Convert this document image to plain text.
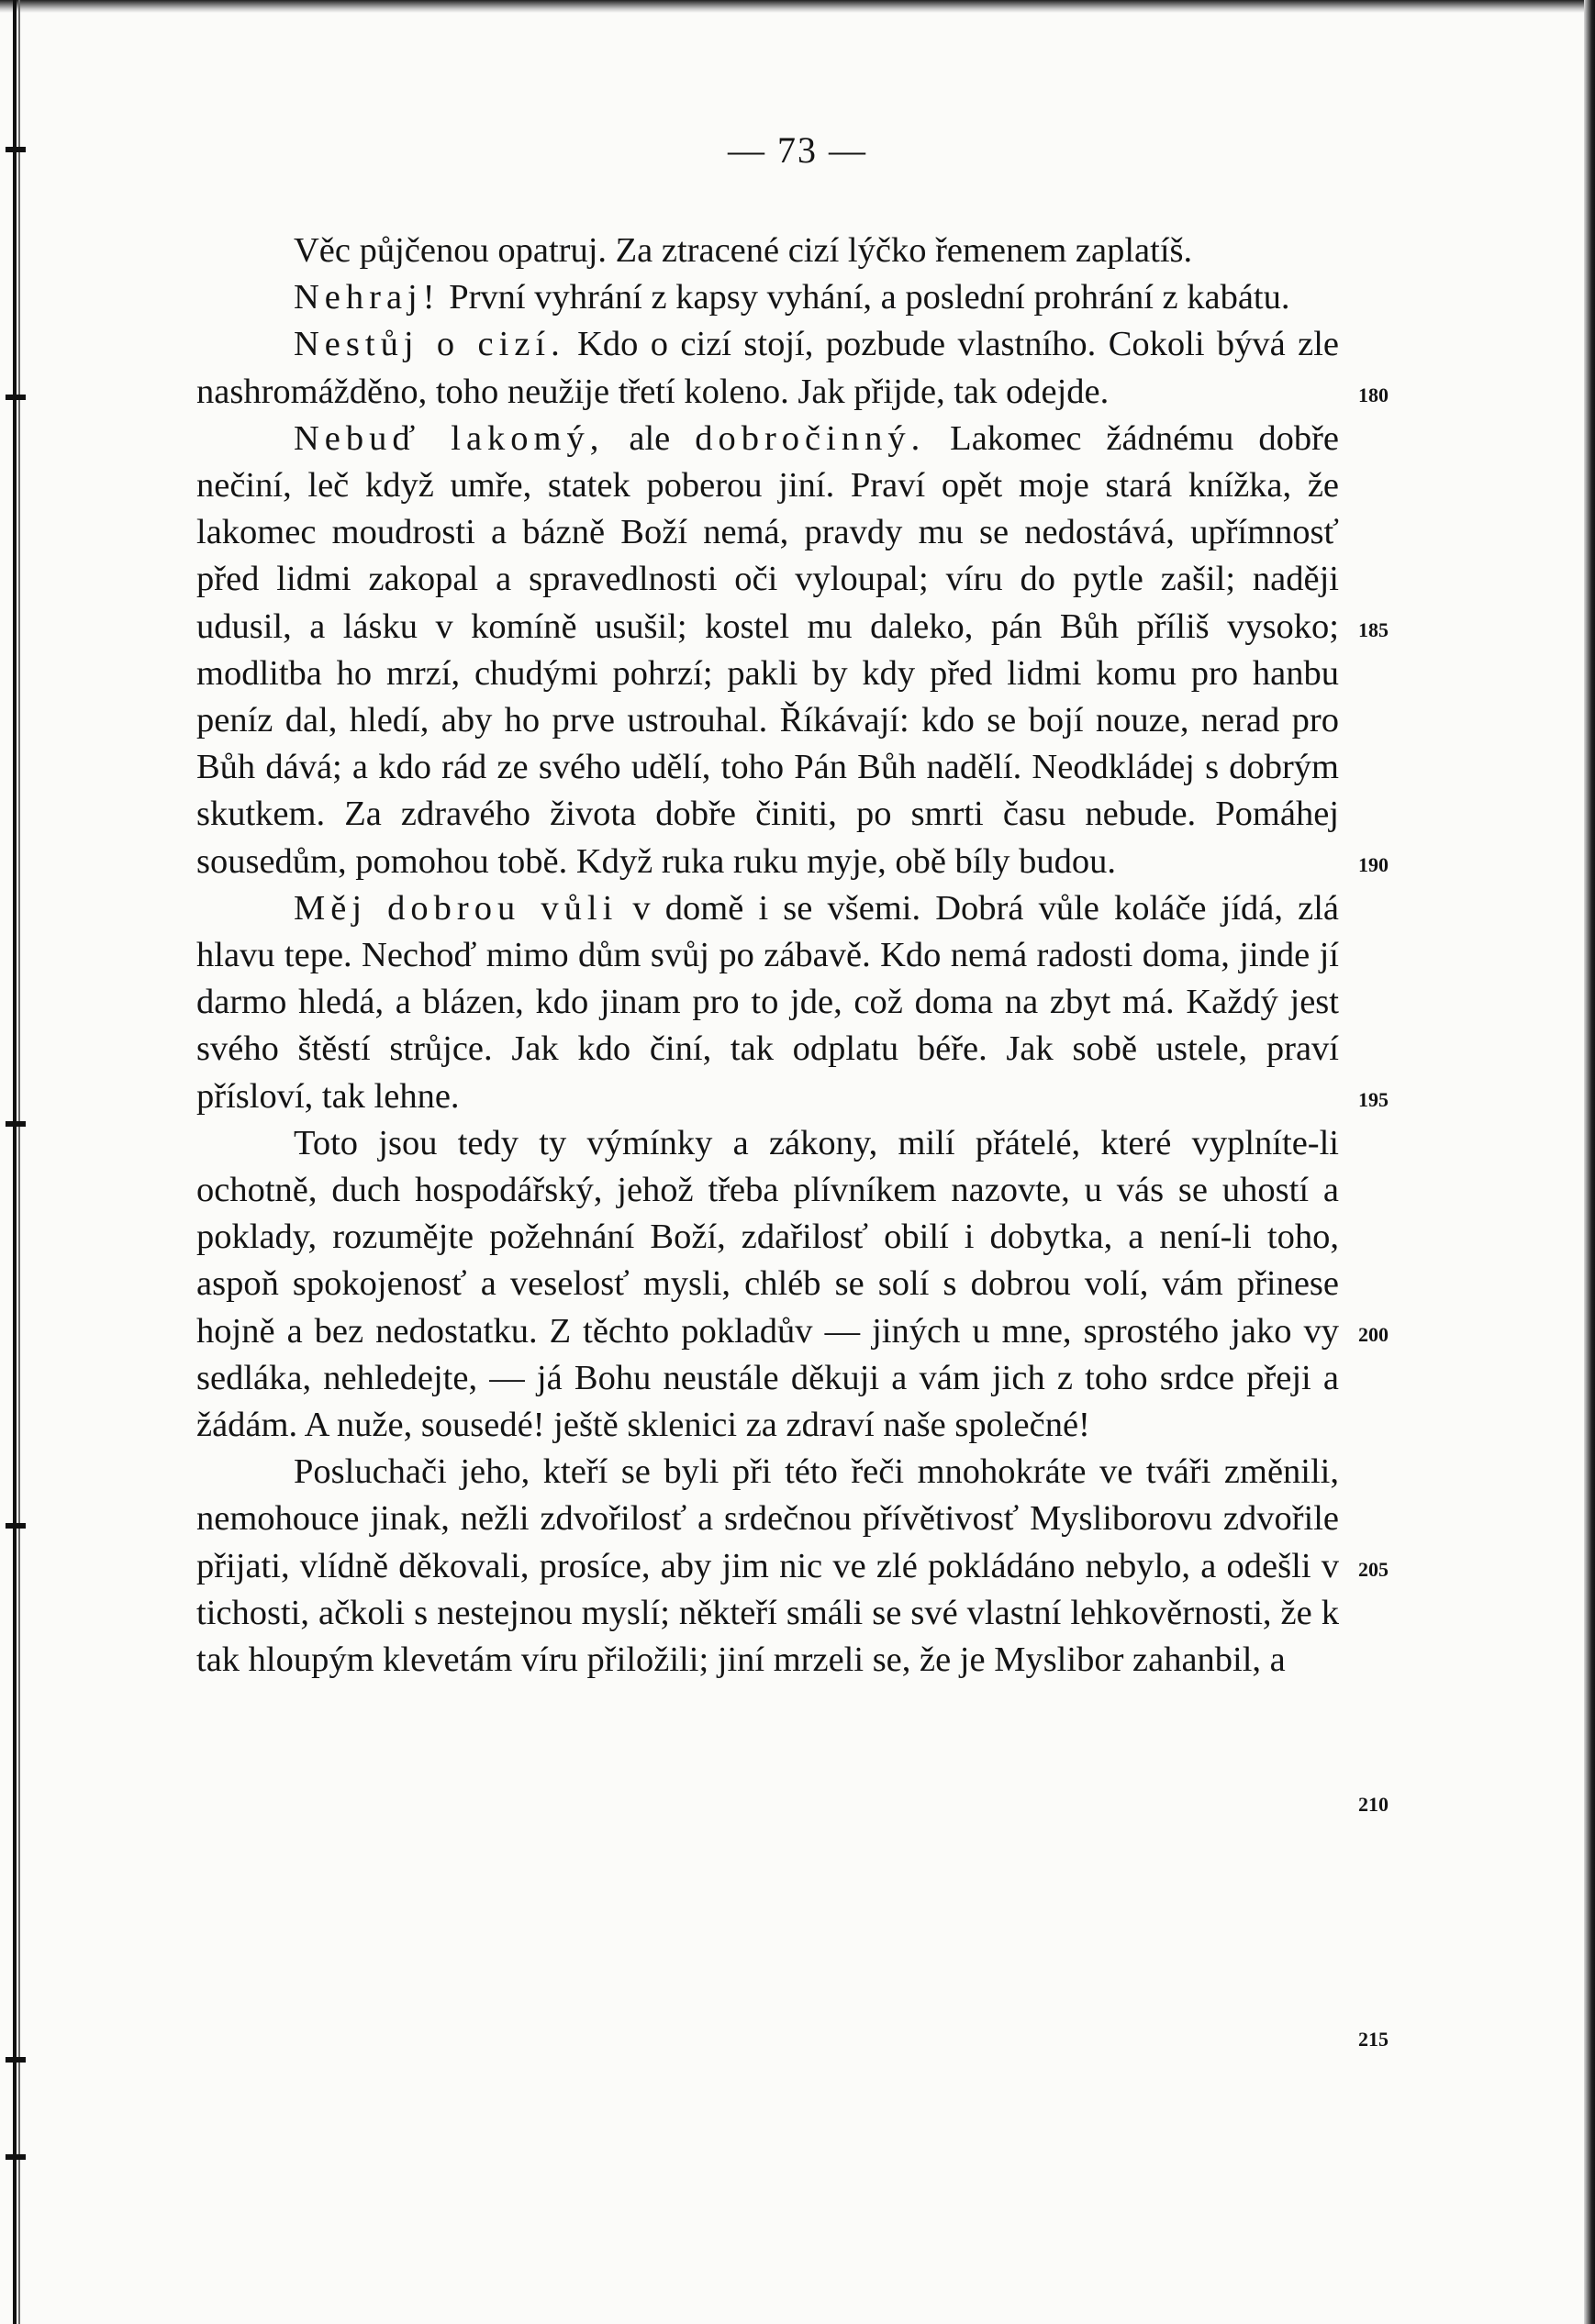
— 73 —

Věc půjčenou opatruj. Za ztracené cizí lýčko řemenem zaplatíš.

Nehraj! První vyhrání z kapsy vyhání, a poslední prohrání z kabátu.

Nestůj o cizí. Kdo o cizí stojí, pozbude vlastního. Cokoli bývá zle nashromážděno, toho neužije třetí koleno. Jak přijde, tak odejde.

Nebuď lakomý, ale dobročinný. Lakomec žádnému dobře nečiní, leč když umře, statek poberou jiní. Praví opět moje stará knížka, že lakomec moudrosti a bázně Boží nemá, pravdy mu se nedostává, upřímnosť před lidmi zakopal a spravedlnosti oči vyloupal; víru do pytle zašil; naději udusil, a lásku v komíně usušil; kostel mu daleko, pán Bůh příliš vysoko; modlitba ho mrzí, chudými pohrzí; pakli by kdy před lidmi komu pro hanbu peníz dal, hledí, aby ho prve ustrouhal. Říkávají: kdo se bojí nouze, nerad pro Bůh dává; a kdo rád ze svého udělí, toho Pán Bůh nadělí. Neodkládej s dobrým skutkem. Za zdravého života dobře činiti, po smrti času nebude. Pomáhej sousedům, pomohou tobě. Když ruka ruku myje, obě bíly budou.

Měj dobrou vůli v domě i se všemi. Dobrá vůle koláče jídá, zlá hlavu tepe. Nechoď mimo dům svůj po zábavě. Kdo nemá radosti doma, jinde jí darmo hledá, a blázen, kdo jinam pro to jde, což doma na zbyt má. Každý jest svého štěstí strůjce. Jak kdo činí, tak odplatu béře. Jak sobě ustele, praví přísloví, tak lehne.

Toto jsou tedy ty výmínky a zákony, milí přátelé, které vyplníte-li ochotně, duch hospodářský, jehož třeba plívníkem nazovte, u vás se uhostí a poklady, rozumějte požehnání Boží, zdařilosť obilí i dobytka, a není-li toho, aspoň spokojenosť a veselosť mysli, chléb se solí s dobrou volí, vám přinese hojně a bez nedostatku. Z těchto pokladův — jiných u mne, sprostého jako vy sedláka, nehledejte, — já Bohu neustále děkuji a vám jich z toho srdce přeji a žádám. A nuže, sousedé! ještě sklenici za zdraví naše společné!

Posluchači jeho, kteří se byli při této řeči mnohokráte ve tváři změnili, nemohouce jinak, nežli zdvořilosť a srdečnou přívětivosť Mysliborovu zdvořile přijati, vlídně děkovali, prosíce, aby jim nic ve zlé pokládáno nebylo, a odešli v tichosti, ačkoli s nestejnou myslí; někteří smáli se své vlastní lehkověrnosti, že k tak hloupým klevetám víru přiložili; jiní mrzeli se, že je Myslibor zahanbil, a

180
185
190
195
200
205
210
215
